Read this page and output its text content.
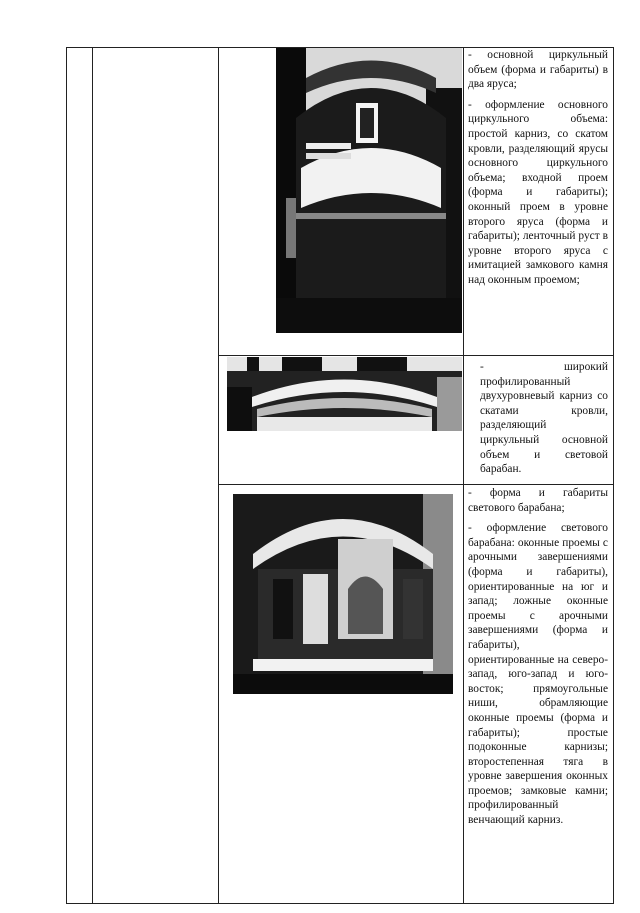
- основной циркульный объем (форма и габариты) в два яруса;

- оформление основного циркульного объема: простой карниз, со скатом кровли, разделяющий ярусы основного циркульного объема; входной проем (форма и габариты); оконный проем в уровне второго яруса (форма и габариты); ленточный руст в уровне второго яруса с имитацией замкового камня над оконным проемом;

- широкий профилированный двухуровневый карниз со скатами кровли, разделяющий циркульный основной объем и световой барабан.

- форма и габариты светового барабана;

- оформление светового барабана: оконные проемы с арочными завершениями (форма и габариты), ориентированные на юг и запад; ложные оконные проемы с арочными завершениями (форма и габариты), ориентированные на северо-запад, юго-запад и юго-восток; прямоугольные ниши, обрамляющие оконные проемы (форма и габариты); простые подоконные карнизы; второстепенная тяга в уровне завершения оконных проемов; замковые камни; профилированный венчающий карниз.
